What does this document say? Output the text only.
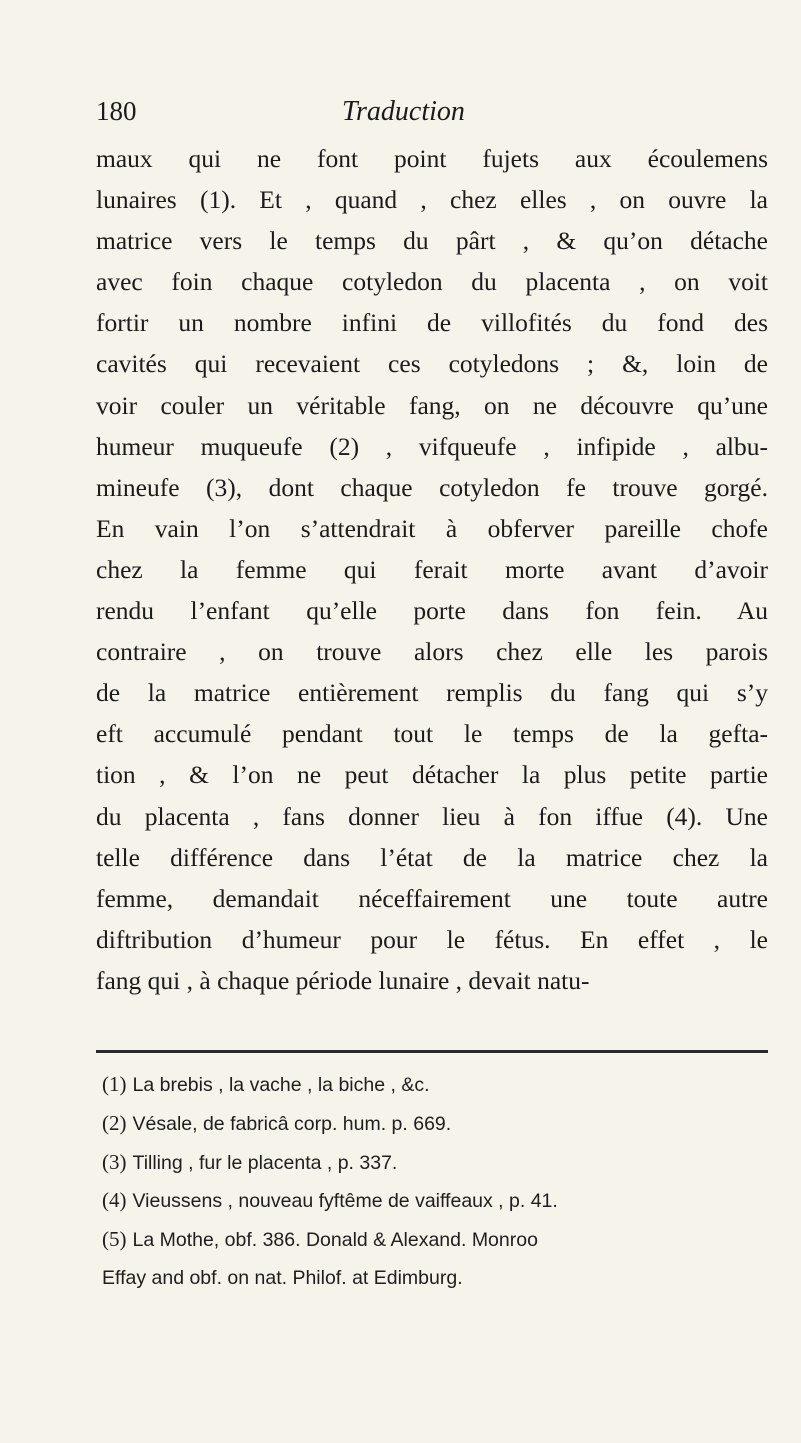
180	Traduction
maux qui ne font point fujets aux écoulemens
lunaires (1). Et , quand , chez elles , on ouvre la
matrice vers le temps du pârt , & qu’on détache
avec foin chaque cotyledon du placenta , on voit
fortir un nombre infini de villofités du fond des
cavités qui recevaient ces cotyledons ; &, loin de
voir couler un véritable fang, on ne découvre qu’une
humeur muqueufe (2) , vifqueufe , infipide , albu-
mineufe (3), dont chaque cotyledon fe trouve gorgé.
En vain l’on s’attendrait à obferver pareille chofe
chez la femme qui ferait morte avant d’avoir
rendu l’enfant qu’elle porte dans fon fein. Au
contraire , on trouve alors chez elle les parois
de la matrice entièrement remplis du fang qui s’y
eft accumulé pendant tout le temps de la gefta-
tion , & l’on ne peut détacher la plus petite partie
du placenta , fans donner lieu à fon iffue (4). Une
telle différence dans l’état de la matrice chez la
femme, demandait néceffairement une toute autre
diftribution d’humeur pour le fétus. En effet , le
fang qui , à chaque période lunaire , devait natu-
(1) La brebis , la vache , la biche , &c.
(2) Vésale, de fabricâ corp. hum. p. 669.
(3) Tilling , fur le placenta , p. 337.
(4) Vieussens , nouveau fyftême de vaiffeaux , p. 41.
(5) La Mothe, obf. 386. Donald & Alexand. Monroo
Effay and obf. on nat. Philof. at Edimburg.
